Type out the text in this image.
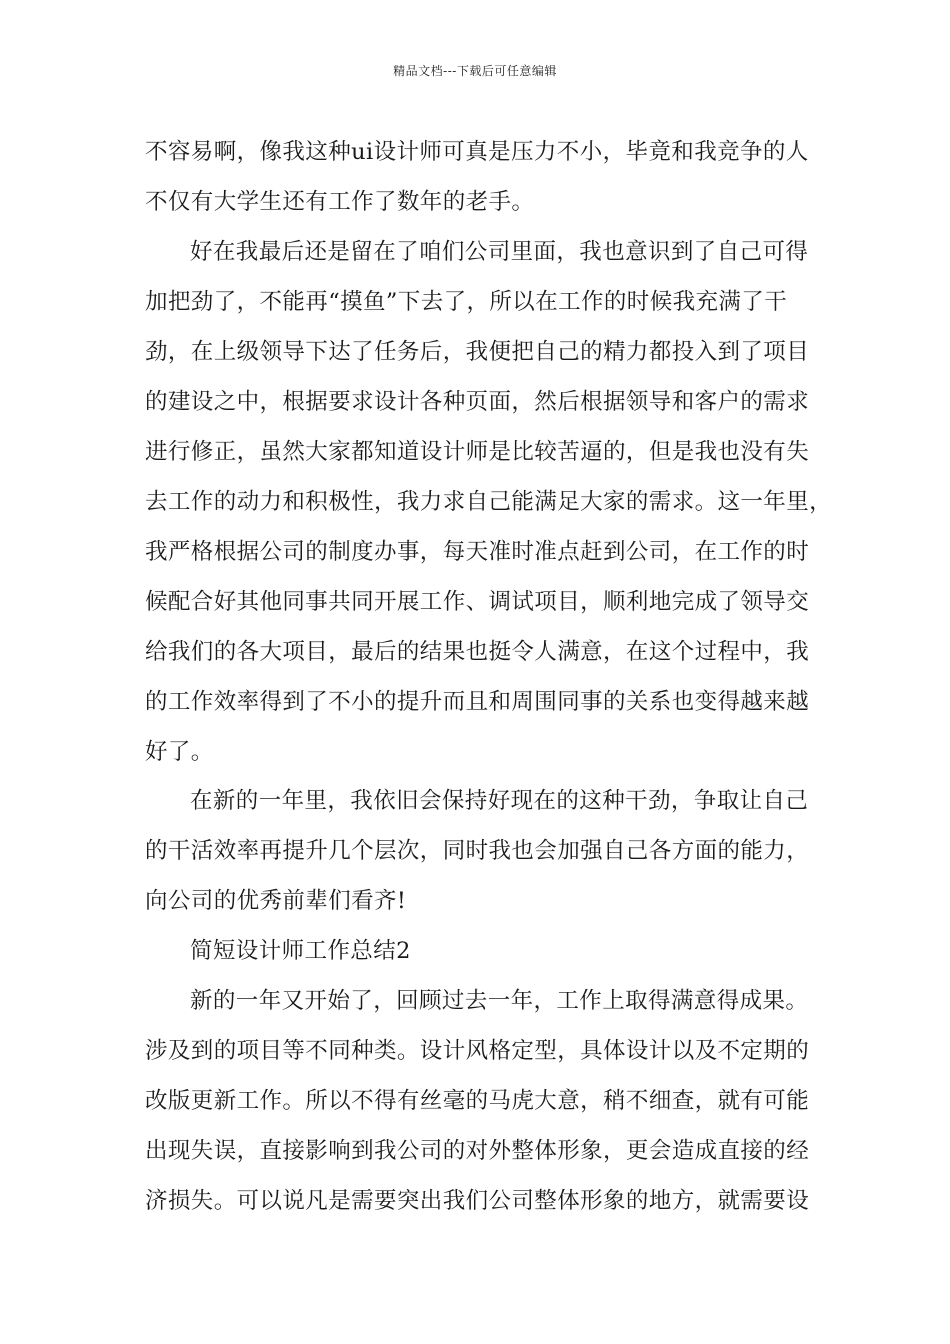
精品文档---下载后可任意编辑
不容易啊，像我这种ui设计师可真是压力不小，毕竟和我竞争的人
不仅有大学生还有工作了数年的老手。
好在我最后还是留在了咱们公司里面，我也意识到了自己可得
加把劲了，不能再“摸鱼”下去了，所以在工作的时候我充满了干
劲，在上级领导下达了任务后，我便把自己的精力都投入到了项目
的建设之中，根据要求设计各种页面，然后根据领导和客户的需求
进行修正，虽然大家都知道设计师是比较苦逼的，但是我也没有失
去工作的动力和积极性，我力求自己能满足大家的需求。这一年里，
我严格根据公司的制度办事，每天准时准点赶到公司，在工作的时
候配合好其他同事共同开展工作、调试项目，顺利地完成了领导交
给我们的各大项目，最后的结果也挺令人满意，在这个过程中，我
的工作效率得到了不小的提升而且和周围同事的关系也变得越来越
好了。
在新的一年里，我依旧会保持好现在的这种干劲，争取让自己
的干活效率再提升几个层次，同时我也会加强自己各方面的能力，
向公司的优秀前辈们看齐!
简短设计师工作总结2
新的一年又开始了，回顾过去一年，工作上取得满意得成果。
涉及到的项目等不同种类。设计风格定型，具体设计以及不定期的
改版更新工作。所以不得有丝毫的马虎大意，稍不细查，就有可能
出现失误，直接影响到我公司的对外整体形象，更会造成直接的经
济损失。可以说凡是需要突出我们公司整体形象的地方，就需要设
